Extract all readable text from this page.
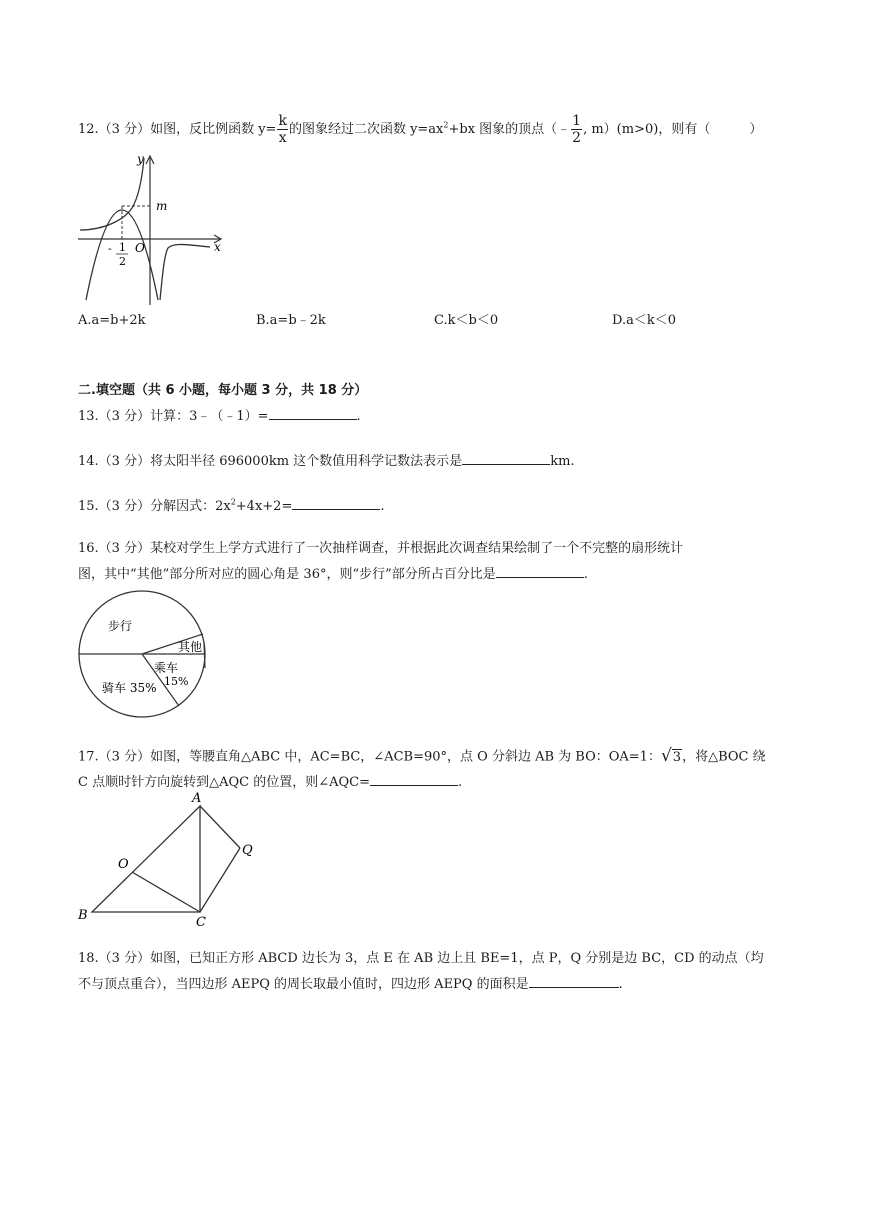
12.（3 分）如图，反比例函数 $y= \frac{k}{x}$ 的图象经过二次函数 $y=ax^2+bx$ 图象的顶点（﹣ $\frac{1}{2}$ , m）(m>0)，则有（　　　）
y
x
m
O
- 1
2
A.a=b+2k	B.a=b﹣2k	C.k＜b＜0	D.a＜k＜0
二.填空题（共 6 小题，每小题 3 分，共 18 分）
13.（3 分）计算：3﹣（﹣1）=	.
14.（3 分）将太阳半径 696000km 这个数值用科学记数法表示是	km.
15.（3 分）分解因式：$2x^2+4x+2=$	.
16.（3 分）某校对学生上学方式进行了一次抽样调查，并根据此次调查结果绘制了一个不完整的扇形统计
图，其中“其他”部分所对应的圆心角是 36°，则“步行”部分所占百分比是	.
步行
其他
乘车
15%
骑车 35%
17.（3 分）如图，等腰直角△ABC 中，AC=BC，∠ACB=90°，点 O 分斜边 AB 为 BO：OA=1：√3，将△BOC 绕
C 点顺时针方向旋转到△AQC 的位置，则∠AQC=	.
A
B	C
O
Q
18.（3 分）如图，已知正方形 ABCD 边长为 3，点 E 在 AB 边上且 BE=1，点 P，Q 分别是边 BC，CD 的动点（均
不与顶点重合），当四边形 AEPQ 的周长取最小值时，四边形 AEPQ 的面积是	.
